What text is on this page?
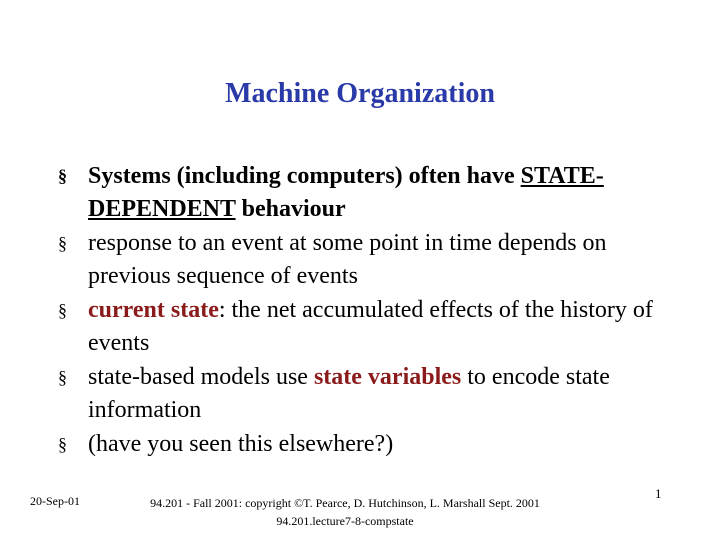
Machine Organization
§ Systems (including computers) often have STATE-DEPENDENT behaviour
§ response to an event at some point in time depends on previous sequence of events
§ current state: the net accumulated effects of the history of events
§ state-based models use state variables to encode state information
§ (have you seen this elsewhere?)
20-Sep-01	94.201 - Fall 2001: copyright ©T. Pearce, D. Hutchinson, L. Marshall Sept. 2001
94.201.lecture7-8-compstate
1
